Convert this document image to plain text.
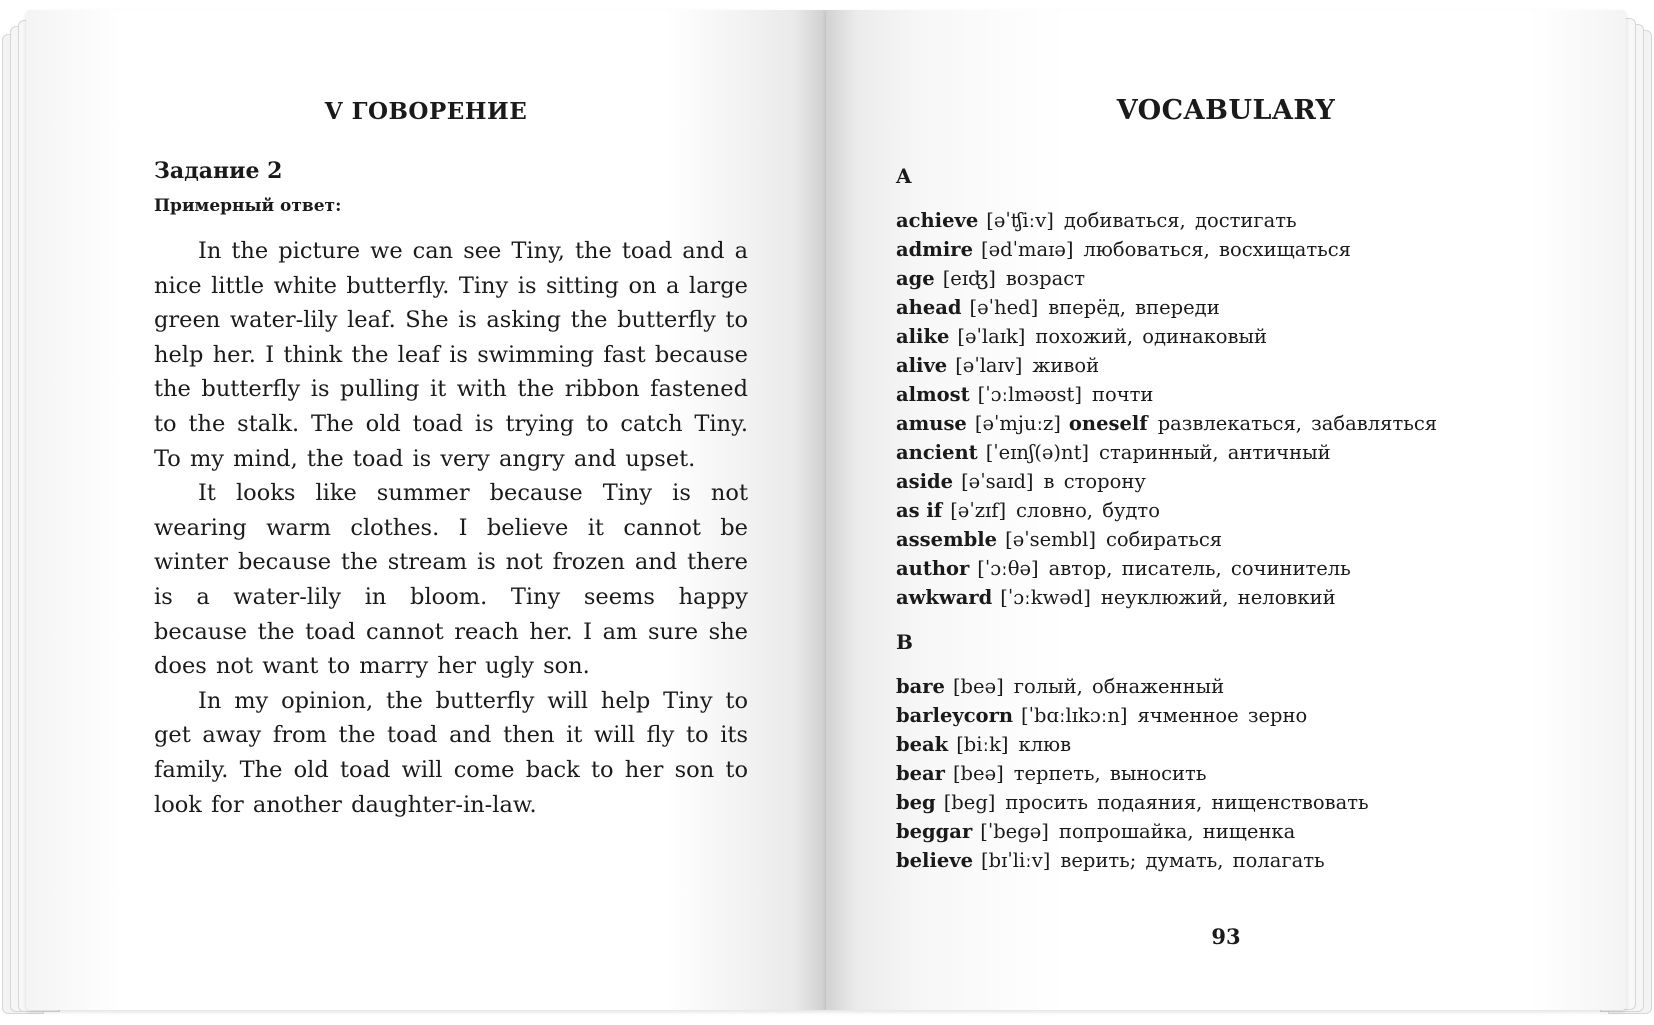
V ГОВОРЕНИЕ
Задание 2
Примерный ответ:

In the picture we can see Tiny, the toad and a nice little white butterfly. Tiny is sitting on a large green water-lily leaf. She is asking the butterfly to help her. I think the leaf is swimming fast because the butterfly is pulling it with the ribbon fastened to the stalk. The old toad is trying to catch Tiny. To my mind, the toad is very angry and upset.

It looks like summer because Tiny is not wearing warm clothes. I believe it cannot be winter because the stream is not frozen and there is a water-lily in bloom. Tiny seems happy because the toad cannot reach her. I am sure she does not want to marry her ugly son.

In my opinion, the butterfly will help Tiny to get away from the toad and then it will fly to its family. The old toad will come back to her son to look for another daughter-in-law.

VOCABULARY
A
achieve [əˈʧiːv] добиваться, достигать
admire [ədˈmaɪə] любоваться, восхищаться
age [eɪʤ] возраст
ahead [əˈhed] вперёд, впереди
alike [əˈlaɪk] похожий, одинаковый
alive [əˈlaɪv] живой
almost [ˈɔːlməʊst] почти
amuse [əˈmjuːz] oneself развлекаться, забавляться
ancient [ˈeɪnʃ(ə)nt] старинный, античный
aside [əˈsaɪd] в сторону
as if [əˈzɪf] словно, будто
assemble [əˈsembl] собираться
author [ˈɔːθə] автор, писатель, сочинитель
awkward [ˈɔːkwəd] неуклюжий, неловкий
B
bare [beə] голый, обнаженный
barleycorn [ˈbɑːlɪkɔːn] ячменное зерно
beak [biːk] клюв
bear [beə] терпеть, выносить
beg [beg] просить подаяния, нищенствовать
beggar [ˈbegə] попрошайка, нищенка
believe [bɪˈliːv] верить; думать, полагать
93
